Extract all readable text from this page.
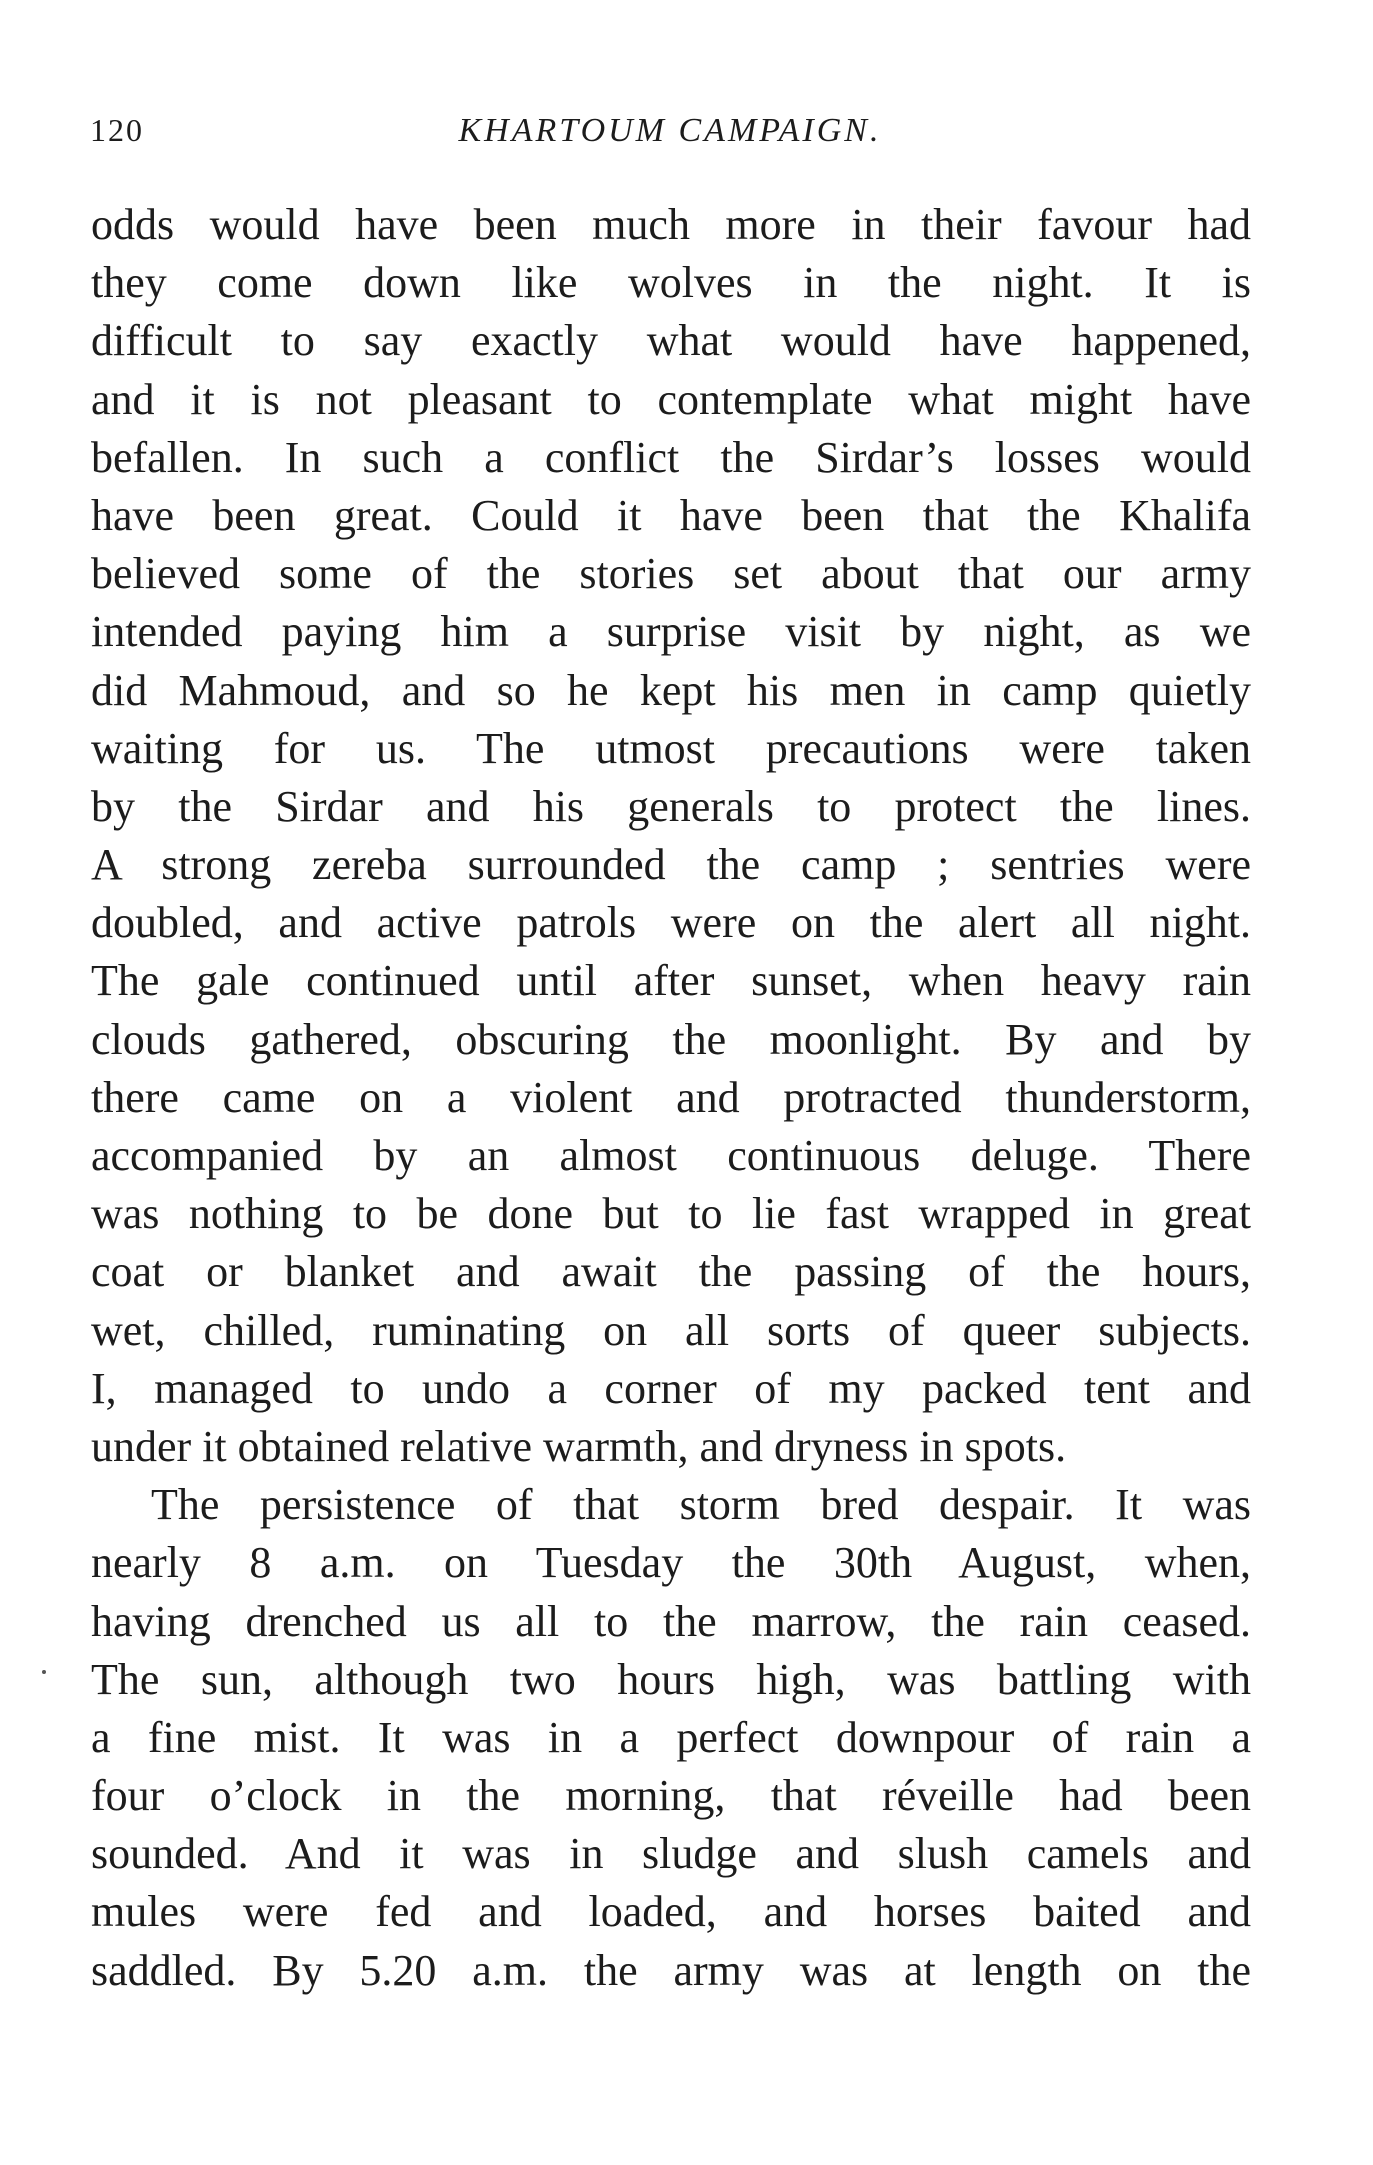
120	KHARTOUM CAMPAIGN.
odds would have been much more in their favour had
they come down like wolves in the night. It is
difficult to say exactly what would have happened,
and it is not pleasant to contemplate what might have
befallen. In such a conflict the Sirdar’s losses would
have been great. Could it have been that the Khalifa
believed some of the stories set about that our army
intended paying him a surprise visit by night, as we
did Mahmoud, and so he kept his men in camp quietly
waiting for us. The utmost precautions were taken
by the Sirdar and his generals to protect the lines.
A strong zereba surrounded the camp ; sentries were
doubled, and active patrols were on the alert all night.
The gale continued until after sunset, when heavy rain
clouds gathered, obscuring the moonlight. By and by
there came on a violent and protracted thunderstorm,
accompanied by an almost continuous deluge. There
was nothing to be done but to lie fast wrapped in great
coat or blanket and await the passing of the hours,
wet, chilled, ruminating on all sorts of queer subjects.
I, managed to undo a corner of my packed tent and
under it obtained relative warmth, and dryness in spots.
The persistence of that storm bred despair. It was
nearly 8 a.m. on Tuesday the 30th August, when,
having drenched us all to the marrow, the rain ceased.
The sun, although two hours high, was battling with
a fine mist. It was in a perfect downpour of rain a
four o’clock in the morning, that réveille had been
sounded. And it was in sludge and slush camels and
mules were fed and loaded, and horses baited and
saddled. By 5.20 a.m. the army was at length on the
